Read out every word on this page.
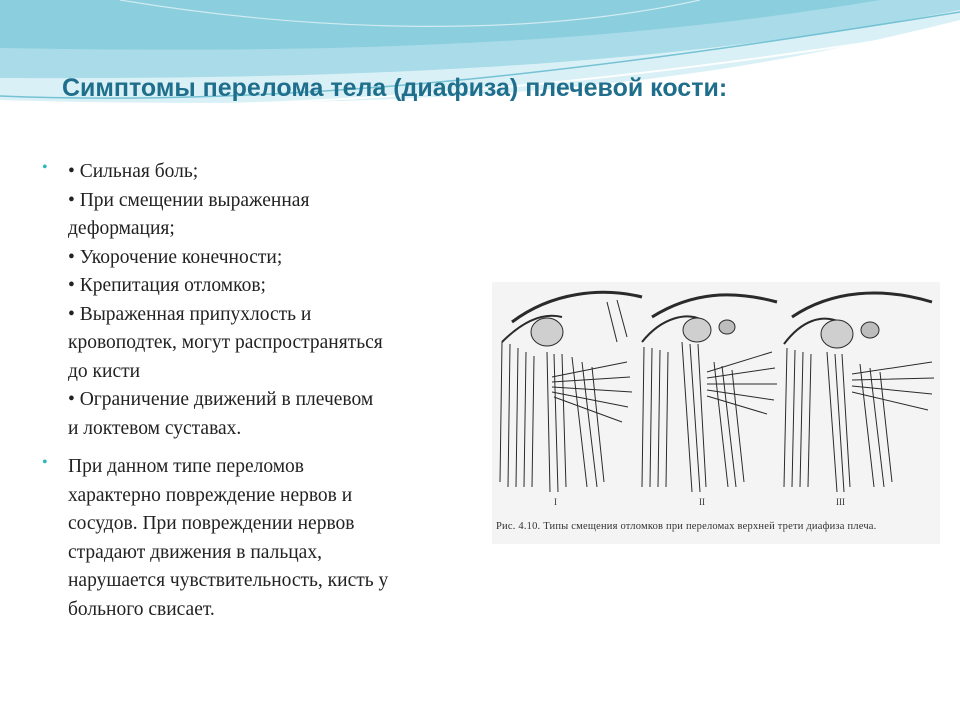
Симптомы перелома тела (диафиза) плечевой кости:
• • Сильная боль;
• При смещении выраженная
деформация;
• Укорочение конечности;
• Крепитация отломков;
• Выраженная припухлость и
кровоподтек, могут распространяться
до кисти
• Ограничение движений в плечевом
и локтевом суставах.
• При данном типе переломов
характерно повреждение нервов и
сосудов. При повреждении нервов
страдают движения в пальцах,
нарушается чувствительность, кисть у
больного свисает.
I	II	III
Рис. 4.10. Типы смещения отломков при переломах верхней трети диафиза плеча.
